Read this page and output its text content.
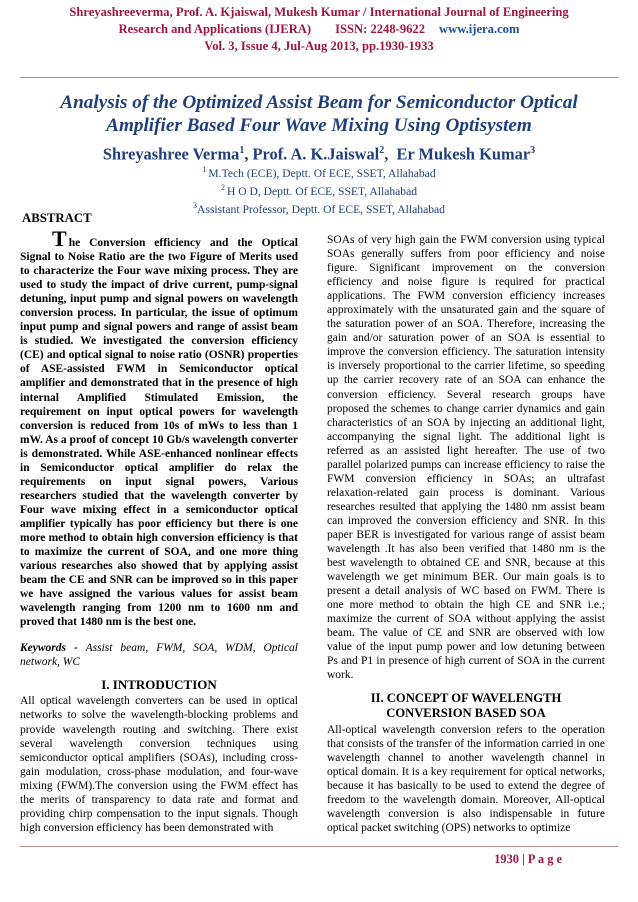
Shreyashreeverma, Prof. A. Kjaiswal, Mukesh Kumar / International Journal of Engineering
Research and Applications (IJERA) ISSN: 2248-9622 www.ijera.com
Vol. 3, Issue 4, Jul-Aug 2013, pp.1930-1933
Analysis of the Optimized Assist Beam for Semiconductor Optical Amplifier Based Four Wave Mixing Using Optisystem
Shreyashree Verma$^1$, Prof. A. K.Jaiswal$^2$,  Er Mukesh Kumar$^3$
$^1$ M.Tech (ECE), Deptt. Of ECE, SSET, Allahabad
$^2$ H O D, Deptt. Of ECE, SSET, Allahabad
$^3$Assistant Professor, Deptt. Of ECE, SSET, Allahabad
ABSTRACT

The Conversion efficiency and the Optical Signal to Noise Ratio are the two Figure of Merits used to characterize the Four wave mixing process. They are used to study the impact of drive current, pump-signal detuning, input pump and signal powers on wavelength conversion process. In particular, the issue of optimum input pump and signal powers and range of assist beam is studied. We investigated the conversion efficiency (CE) and optical signal to noise ratio (OSNR) properties of ASE-assisted FWM in Semiconductor optical amplifier and demonstrated that in the presence of high internal Amplified Stimulated Emission, the requirement on input optical powers for wavelength conversion is reduced from 10s of mWs to less than 1 mW. As a proof of concept 10 Gb/s wavelength converter is demonstrated. While ASE-enhanced nonlinear effects in Semiconductor optical amplifier do relax the requirements on input signal powers, Various researchers studied that the wavelength converter by Four wave mixing effect in a semiconductor optical amplifier typically has poor efficiency but there is one more method to obtain high conversion efficiency is that to maximize the current of SOA, and one more thing various researches also showed that by applying assist beam the CE and SNR can be improved so in this paper we have assigned the various values for assist beam wavelength ranging from 1200 nm to 1600 nm and proved that 1480 nm is the best one.

Keywords - Assist beam, FWM, SOA, WDM, Optical network, WC

I. INTRODUCTION

All optical wavelength converters can be used in optical networks to solve the wavelength-blocking problems and provide wavelength routing and switching. There exist several wavelength conversion techniques using semiconductor optical amplifiers (SOAs), including cross-gain modulation, cross-phase modulation, and four-wave mixing (FWM).The conversion using the FWM effect has the merits of transparency to data rate and format and providing chirp compensation to the input signals. Though high conversion efficiency has been demonstrated with

SOAs of very high gain the FWM conversion using typical SOAs generally suffers from poor efficiency and noise figure. Significant improvement on the conversion efficiency and noise figure is required for practical applications. The FWM conversion efficiency increases approximately with the unsaturated gain and the square of the saturation power of an SOA. Therefore, increasing the gain and/or saturation power of an SOA is essential to improve the conversion efficiency. The saturation intensity is inversely proportional to the carrier lifetime, so speeding up the carrier recovery rate of an SOA can enhance the conversion efficiency. Several research groups have proposed the schemes to change carrier dynamics and gain characteristics of an SOA by injecting an additional light, accompanying the signal light. The additional light is referred as an assisted light hereafter. The use of two parallel polarized pumps can increase efficiency to raise the FWM conversion efficiency in SOAs; an ultrafast relaxation-related gain process is dominant. Various researches resulted that applying the 1480 nm assist beam can improved the conversion efficiency and SNR. In this paper BER is investigated for various range of assist beam wavelength .It has also been verified that 1480 nm is the best wavelength to obtained CE and SNR, because at this wavelength we get minimum BER. Our main goals is to present a detail analysis of WC based on FWM. There is one more method to obtain the high CE and SNR i.e.; maximize the current of SOA without applying the assist beam. The value of CE and SNR are observed with low value of the input pump power and low detuning between Ps and P1 in presence of high current of SOA in the current work.

II. CONCEPT OF WAVELENGTH CONVERSION BASED SOA

All-optical wavelength conversion refers to the operation that consists of the transfer of the information carried in one wavelength channel to another wavelength channel in optical domain. It is a key requirement for optical networks, because it has basically to be used to extend the degree of freedom to the wavelength domain. Moreover, All-optical wavelength conversion is also indispensable in future optical packet switching (OPS) networks to optimize

1930 | P a g e
